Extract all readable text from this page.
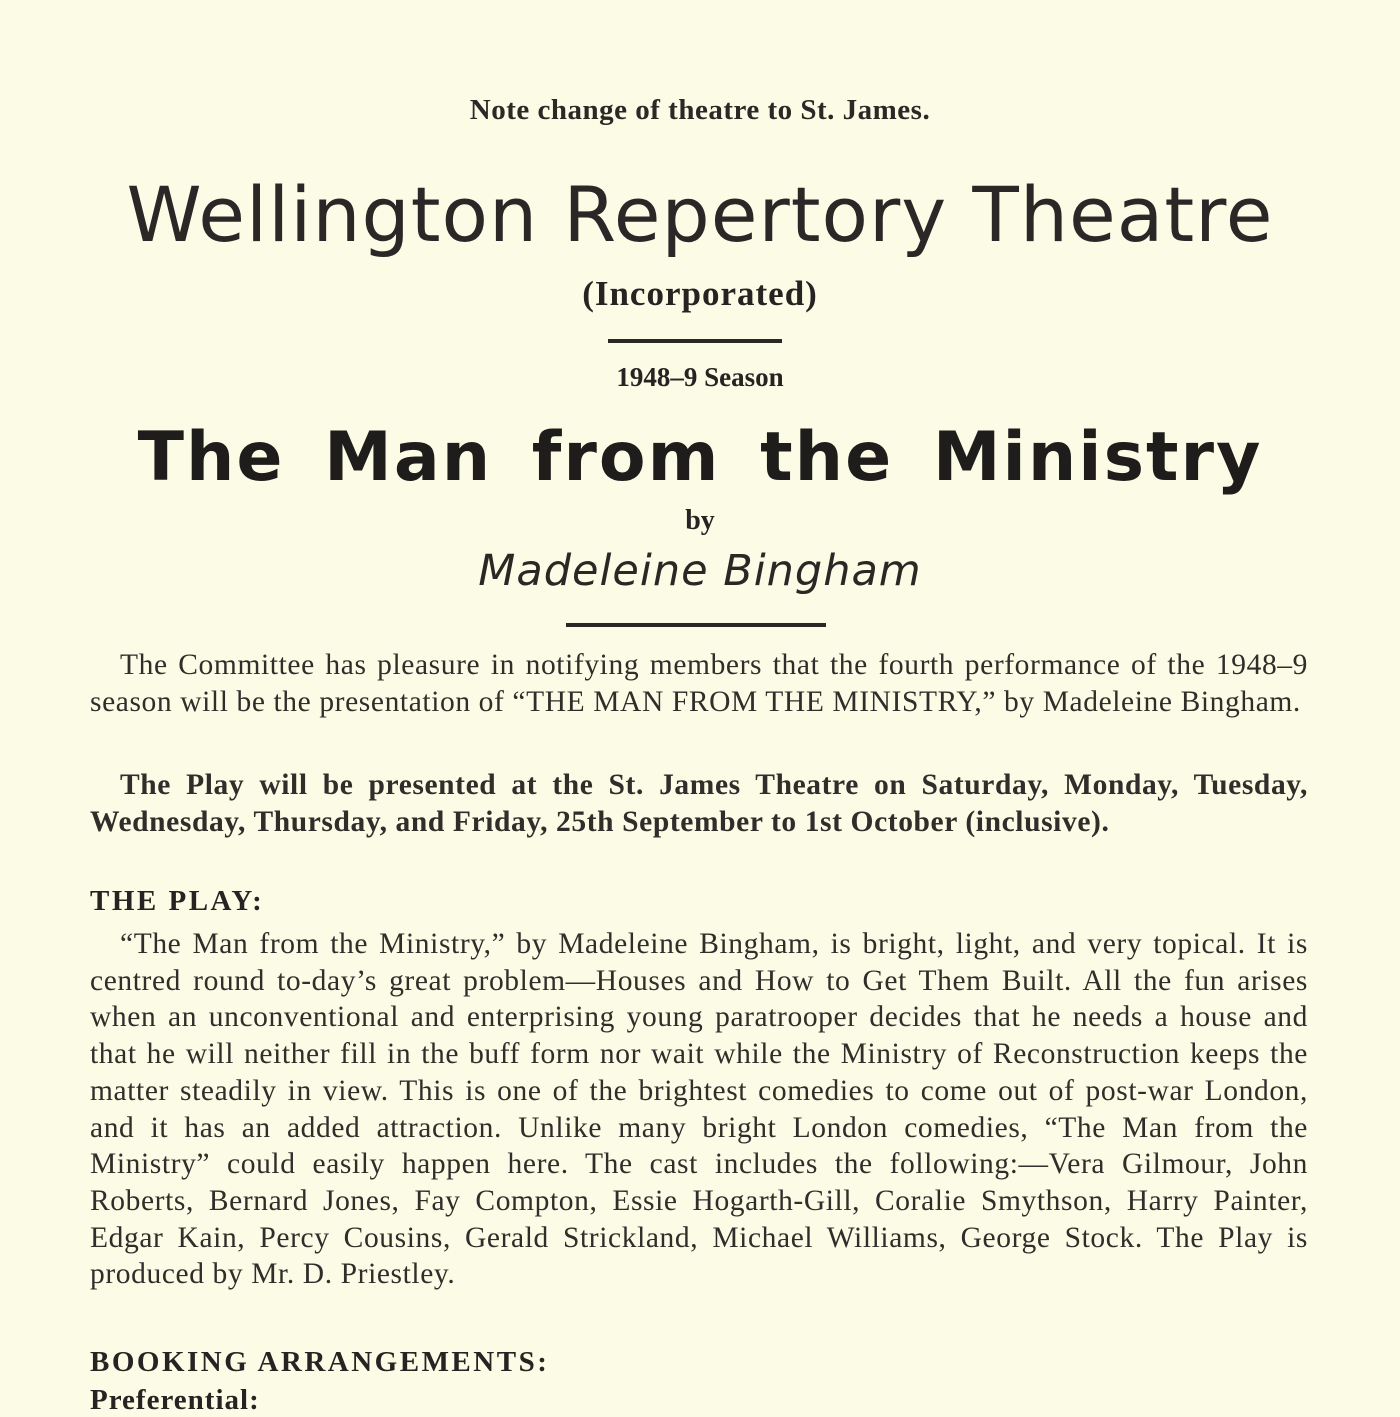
Note change of theatre to St. James.
Wellington Repertory Theatre
(Incorporated)
1948–9 Season
The Man from the Ministry
by
Madeleine Bingham

The Committee has pleasure in notifying members that the fourth performance of the 1948–9 season will be the presentation of “THE MAN FROM THE MINISTRY,” by Madeleine Bingham.

The Play will be presented at the St. James Theatre on Saturday, Monday, Tuesday, Wednesday, Thursday, and Friday, 25th September to 1st October (inclusive).

THE PLAY:

“The Man from the Ministry,” by Madeleine Bingham, is bright, light, and very topical. It is centred round to-day’s great problem—Houses and How to Get Them Built. All the fun arises when an unconventional and enterprising young paratrooper decides that he needs a house and that he will neither fill in the buff form nor wait while the Ministry of Reconstruction keeps the matter steadily in view. This is one of the brightest comedies to come out of post-war London, and it has an added attraction. Unlike many bright London comedies, “The Man from the Ministry” could easily happen here. The cast includes the following:—Vera Gilmour, John Roberts, Bernard Jones, Fay Compton, Essie Hogarth-Gill, Coralie Smythson, Harry Painter, Edgar Kain, Percy Cousins, Gerald Strickland, Michael Williams, George Stock. The Play is produced by Mr. D. Priestley.

BOOKING ARRANGEMENTS:
Preferential:
